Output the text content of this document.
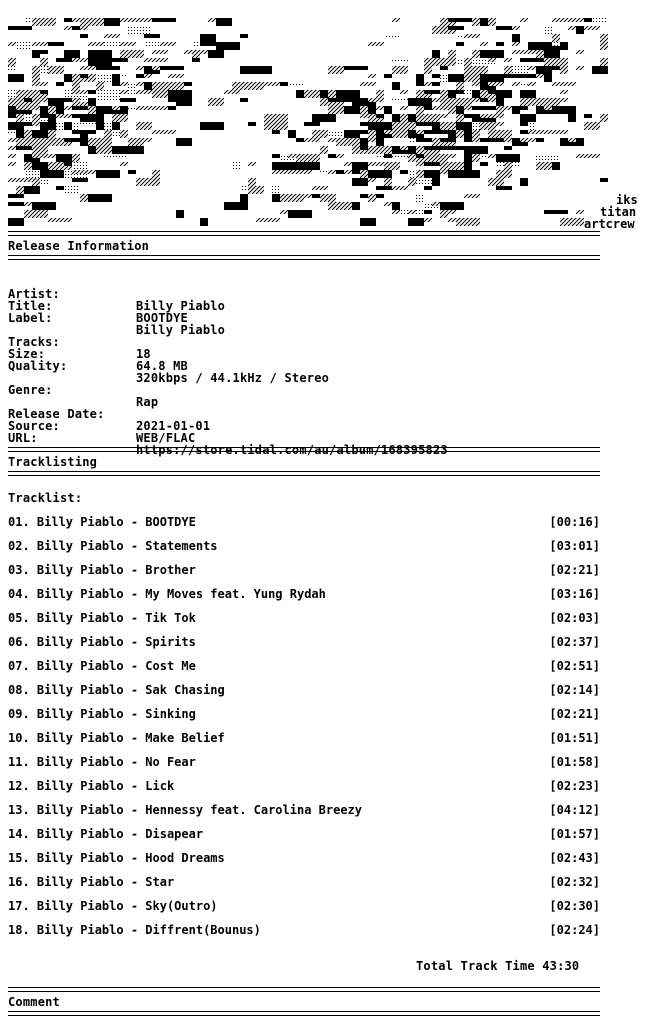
iks
titan
artcrew
Release Information

Artist:

Billy Piablo

Title:

BOOTDYE

Label:

Billy Piablo

Tracks:

18

Size:

64.8 MB

Quality:

320kbps / 44.1kHz / Stereo

Genre:

Rap

Release Date:

2021-01-01

Source:

WEB/FLAC

URL:

https://store.tidal.com/au/album/168395823

Tracklisting
Tracklist:
01. Billy Piablo - BOOTDYE	[00:16]
02. Billy Piablo - Statements	[03:01]
03. Billy Piablo - Brother	[02:21]
04. Billy Piablo - My Moves feat. Yung Rydah	[03:16]
05. Billy Piablo - Tik Tok	[02:03]
06. Billy Piablo - Spirits	[02:37]
07. Billy Piablo - Cost Me	[02:51]
08. Billy Piablo - Sak Chasing	[02:14]
09. Billy Piablo - Sinking	[02:21]
10. Billy Piablo - Make Belief	[01:51]
11. Billy Piablo - No Fear	[01:58]
12. Billy Piablo - Lick	[02:23]
13. Billy Piablo - Hennessy feat. Carolina Breezy	[04:12]
14. Billy Piablo - Disapear	[01:57]
15. Billy Piablo - Hood Dreams	[02:43]
16. Billy Piablo - Star	[02:32]
17. Billy Piablo - Sky(Outro)	[02:30]
18. Billy Piablo - Diffrent(Bounus)	[02:24]
Total Track Time 43:30
Comment
